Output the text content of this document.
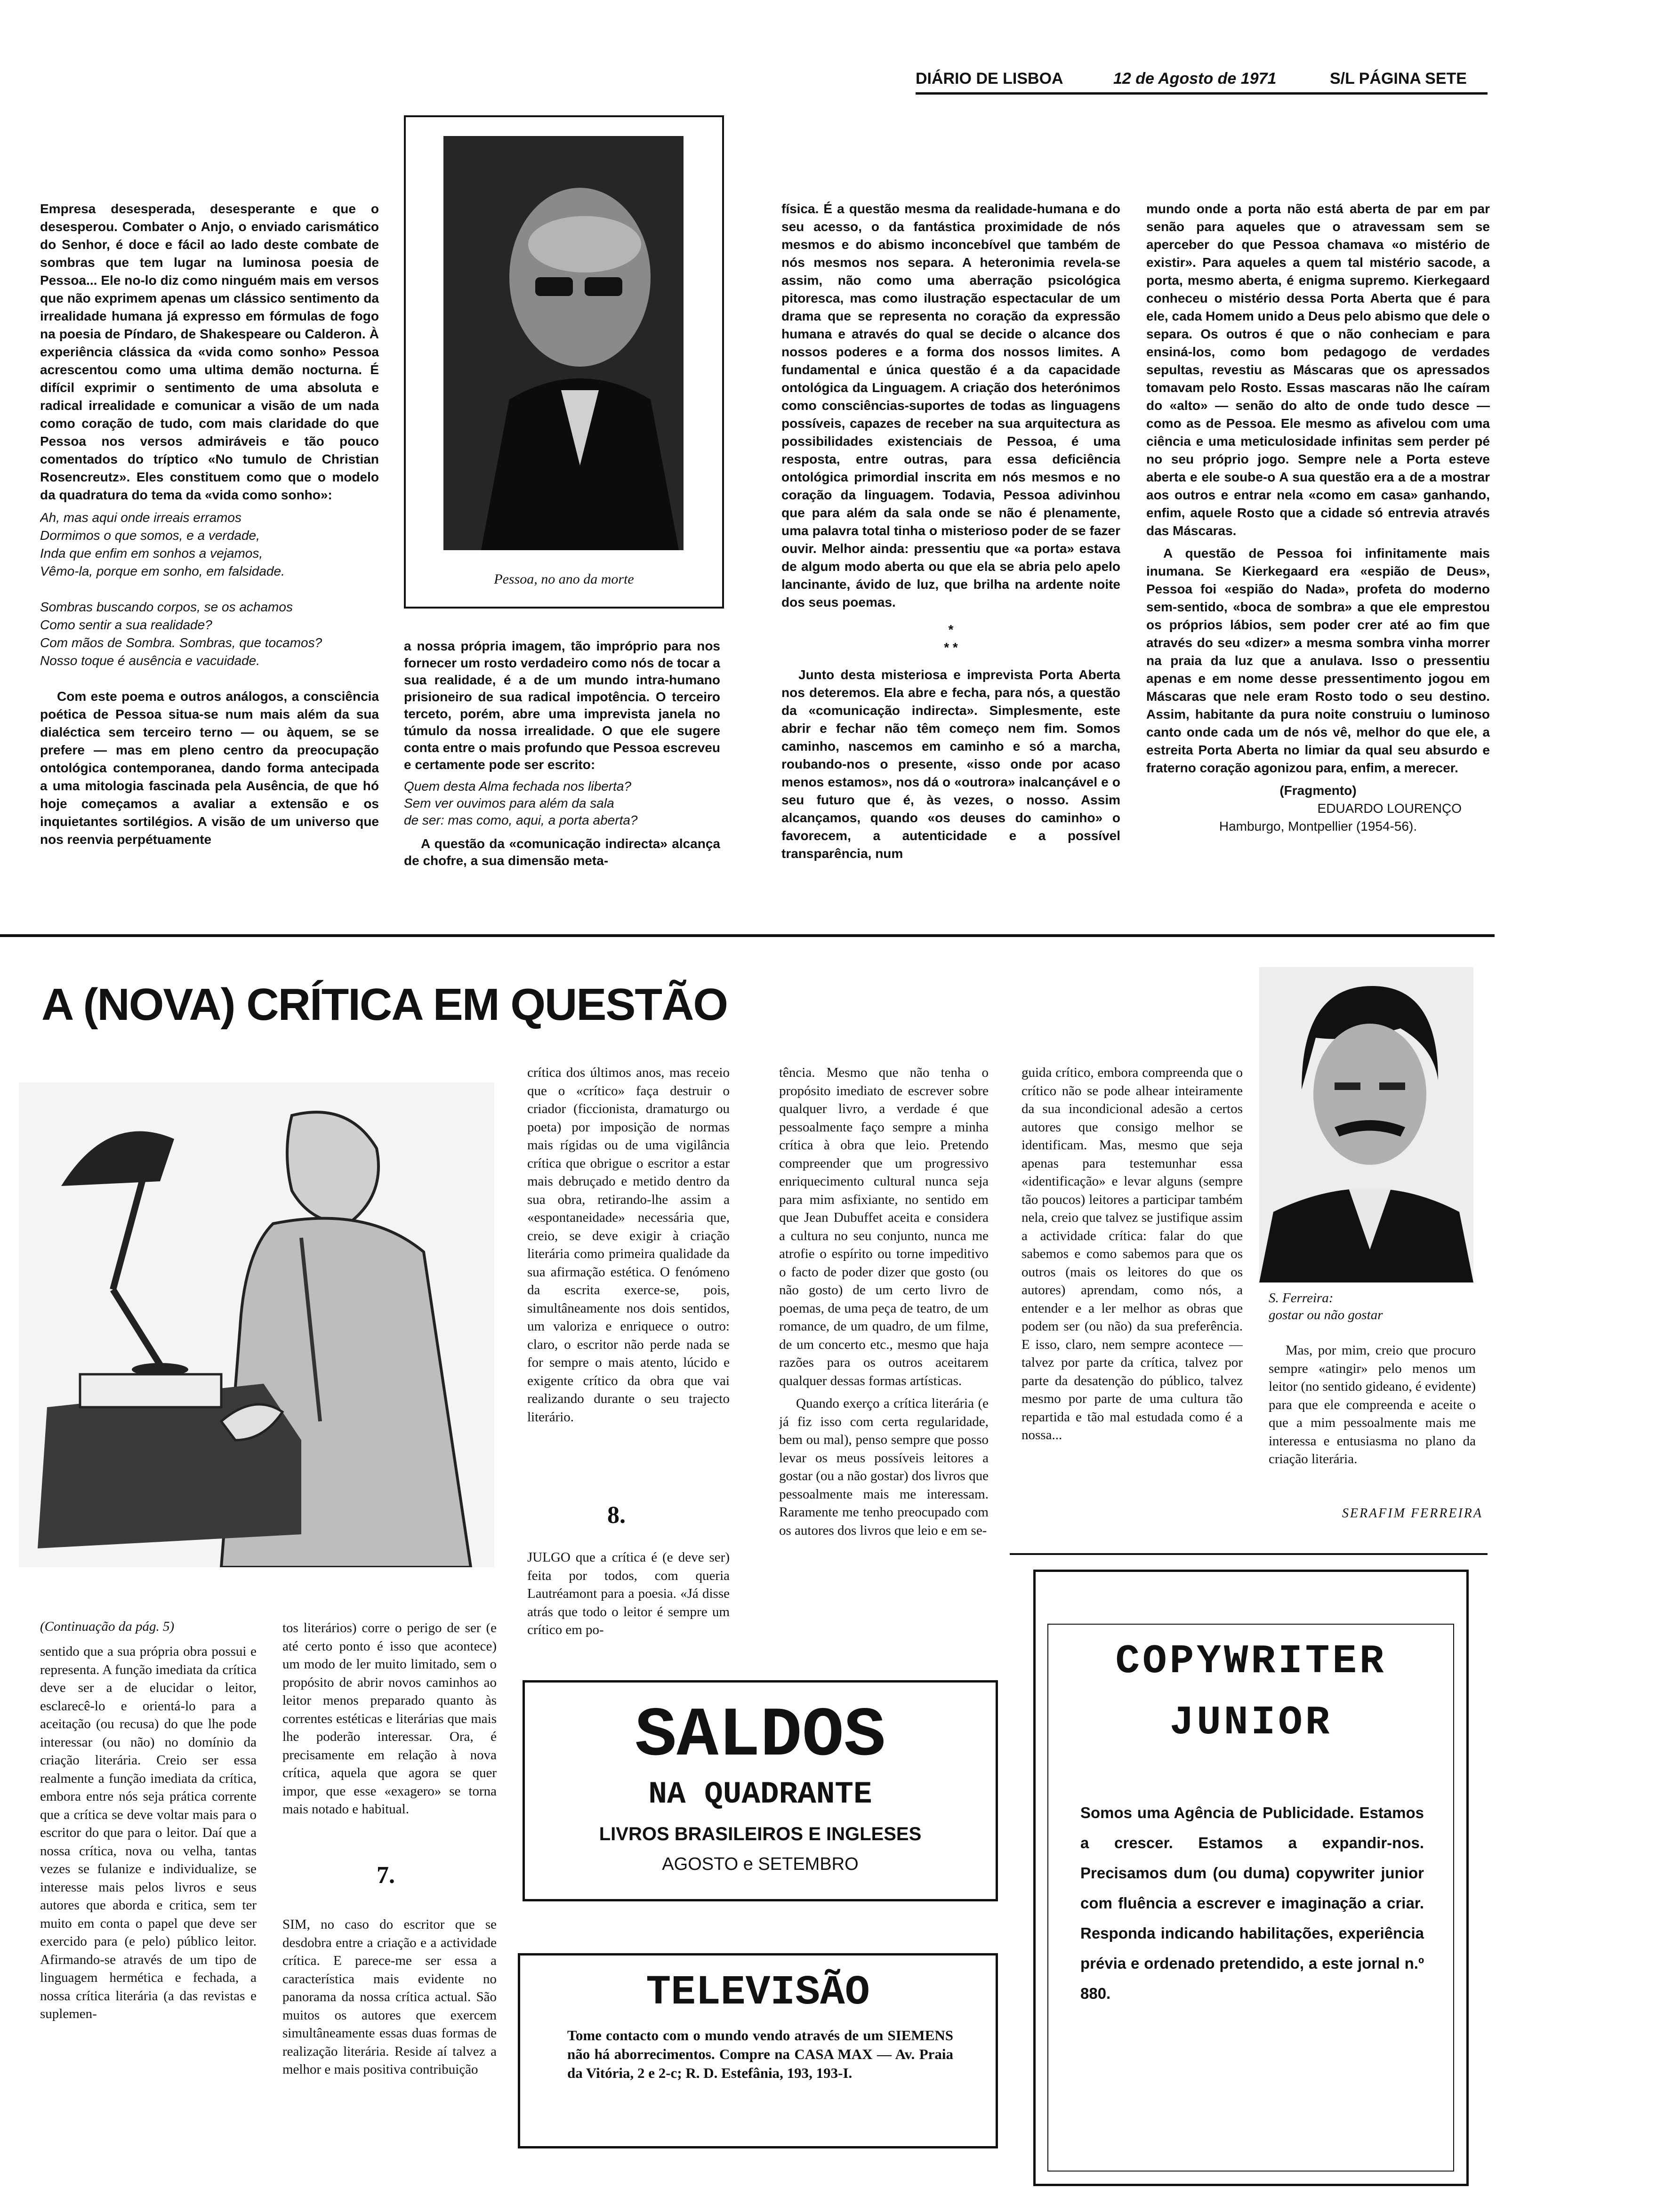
DIÁRIO DE LISBOA	12 de Agosto de 1971	S/L PÁGINA SETE

Empresa desesperada, desesperante e que o desesperou. Combater o Anjo, o enviado carismático do Senhor, é doce e fácil ao lado deste combate de sombras que tem lugar na luminosa poesia de Pessoa... Ele no-lo diz como ninguém mais em versos que não exprimem apenas um clássico sentimento da irrealidade humana já expresso em fórmulas de fogo na poesia de Píndaro, de Shakespeare ou Calderon. À experiência clássica da «vida como sonho» Pessoa acrescentou como uma ultima demão nocturna. É difícil exprimir o sentimento de uma absoluta e radical irrealidade e comunicar a visão de um nada como coração de tudo, com mais claridade do que Pessoa nos versos admiráveis e tão pouco comentados do tríptico «No tumulo de Christian Rosencreutz». Eles constituem como que o modelo da quadratura do tema da «vida como sonho»:

Ah, mas aqui onde irreais erramos
Dormimos o que somos, e a verdade,
Inda que enfim em sonhos a vejamos,
Vêmo-la, porque em sonho, em falsidade.

Sombras buscando corpos, se os achamos
Como sentir a sua realidade?
Com mãos de Sombra. Sombras, que tocamos?
Nosso toque é ausência e vacuidade.

Com este poema e outros análogos, a consciência poética de Pessoa situa-se num mais além da sua dialéctica sem terceiro terno — ou àquem, se se prefere — mas em pleno centro da preocupação ontológica contemporanea, dando forma antecipada a uma mitologia fascinada pela Ausência, de que hó hoje começamos a avaliar a extensão e os inquietantes sortilégios. A visão de um universo que nos reenvia perpétuamente

Pessoa, no ano da morte

a nossa própria imagem, tão impróprio para nos fornecer um rosto verdadeiro como nós de tocar a sua realidade, é a de um mundo intra-humano prisioneiro de sua radical impotência. O terceiro terceto, porém, abre uma imprevista janela no túmulo da nossa irrealidade. O que ele sugere conta entre o mais profundo que Pessoa escreveu e certamente pode ser escrito:

Quem desta Alma fechada nos liberta?
Sem ver ouvimos para além da sala
de ser: mas como, aqui, a porta aberta?

A questão da «comunicação indirecta» alcança de chofre, a sua dimensão meta-

física. É a questão mesma da realidade-humana e do seu acesso, o da fantástica proximidade de nós mesmos e do abismo inconcebível que também de nós mesmos nos separa. A heteronimia revela-se assim, não como uma aberração psicológica pitoresca, mas como ilustração espectacular de um drama que se representa no coração da expressão humana e através do qual se decide o alcance dos nossos poderes e a forma dos nossos limites. A fundamental e única questão é a da capacidade ontológica da Linguagem. A criação dos heterónimos como consciências-suportes de todas as linguagens possíveis, capazes de receber na sua arquitectura as possibilidades existenciais de Pessoa, é uma resposta, entre outras, para essa deficiência ontológica primordial inscrita em nós mesmos e no coração da linguagem. Todavia, Pessoa adivinhou que para além da sala onde se não é plenamente, uma palavra total tinha o misterioso poder de se fazer ouvir. Melhor ainda: pressentiu que «a porta» estava de algum modo aberta ou que ela se abria pelo apelo lancinante, ávido de luz, que brilha na ardente noite dos seus poemas.

*
* *

Junto desta misteriosa e imprevista Porta Aberta nos deteremos. Ela abre e fecha, para nós, a questão da «comunicação indirecta». Simplesmente, este abrir e fechar não têm começo nem fim. Somos caminho, nascemos em caminho e só a marcha, roubando-nos o presente, «isso onde por acaso menos estamos», nos dá o «outrora» inalcançável e o seu futuro que é, às vezes, o nosso. Assim alcançamos, quando «os deuses do caminho» o favorecem, a autenticidade e a possível transparência, num

mundo onde a porta não está aberta de par em par senão para aqueles que o atravessam sem se aperceber do que Pessoa chamava «o mistério de existir». Para aqueles a quem tal mistério sacode, a porta, mesmo aberta, é enigma supremo. Kierkegaard conheceu o mistério dessa Porta Aberta que é para ele, cada Homem unido a Deus pelo abismo que dele o separa. Os outros é que o não conheciam e para ensiná-los, como bom pedagogo de verdades sepultas, revestiu as Máscaras que os apressados tomavam pelo Rosto. Essas mascaras não lhe caíram do «alto» — senão do alto de onde tudo desce — como as de Pessoa. Ele mesmo as afivelou com uma ciência e uma meticulosidade infinitas sem perder pé no seu próprio jogo. Sempre nele a Porta esteve aberta e ele soube-o A sua questão era a de a mostrar aos outros e entrar nela «como em casa» ganhando, enfim, aquele Rosto que a cidade só entrevia através das Máscaras.

A questão de Pessoa foi infinitamente mais inumana. Se Kierkegaard era «espião de Deus», Pessoa foi «espião do Nada», profeta do moderno sem-sentido, «boca de sombra» a que ele emprestou os próprios lábios, sem poder crer até ao fim que através do seu «dizer» a mesma sombra vinha morrer na praia da luz que a anulava. Isso o pressentiu apenas e em nome desse pressentimento jogou em Máscaras que nele eram Rosto todo o seu destino. Assim, habitante da pura noite construiu o luminoso canto onde cada um de nós vê, melhor do que ele, a estreita Porta Aberta no limiar da qual seu absurdo e fraterno coração agonizou para, enfim, a merecer.

(Fragmento)

EDUARDO LOURENÇO

Hamburgo, Montpellier (1954-56).

A (NOVA) CRÍTICA EM QUESTÃO

crítica dos últimos anos, mas receio que o «crítico» faça destruir o criador (ficcionista, dramaturgo ou poeta) por imposição de normas mais rígidas ou de uma vigilância crítica que obrigue o escritor a estar mais debruçado e metido dentro da sua obra, retirando-lhe assim a «espontaneidade» necessária que, creio, se deve exigir à criação literária como primeira qualidade da sua afirmação estética. O fenómeno da escrita exerce-se, pois, simultâneamente nos dois sentidos, um valoriza e enriquece o outro: claro, o escritor não perde nada se for sempre o mais atento, lúcido e exigente crítico da obra que vai realizando durante o seu trajecto literário.

8.

JULGO que a crítica é (e deve ser) feita por todos, com queria Lautréamont para a poesia. «Já disse atrás que todo o leitor é sempre um crítico em po-

tência. Mesmo que não tenha o propósito imediato de escrever sobre qualquer livro, a verdade é que pessoalmente faço sempre a minha crítica à obra que leio. Pretendo compreender que um progressivo enriquecimento cultural nunca seja para mim asfixiante, no sentido em que Jean Dubuffet aceita e considera a cultura no seu conjunto, nunca me atrofie o espírito ou torne impeditivo o facto de poder dizer que gosto (ou não gosto) de um certo livro de poemas, de uma peça de teatro, de um romance, de um quadro, de um filme, de um concerto etc., mesmo que haja razões para os outros aceitarem qualquer dessas formas artísticas.

Quando exerço a crítica literária (e já fiz isso com certa regularidade, bem ou mal), penso sempre que posso levar os meus possíveis leitores a gostar (ou a não gostar) dos livros que pessoalmente mais me interessam. Raramente me tenho preocupado com os autores dos livros que leio e em se-

guida crítico, embora compreenda que o crítico não se pode alhear inteiramente da sua incondicional adesão a certos autores que consigo melhor se identificam. Mas, mesmo que seja apenas para testemunhar essa «identificação» e levar alguns (sempre tão poucos) leitores a participar também nela, creio que talvez se justifique assim a actividade crítica: falar do que sabemos e como sabemos para que os outros (mais os leitores do que os autores) aprendam, como nós, a entender e a ler melhor as obras que podem ser (ou não) da sua preferência. E isso, claro, nem sempre acontece — talvez por parte da crítica, talvez por parte da desatenção do público, talvez mesmo por parte de uma cultura tão repartida e tão mal estudada como é a nossa...

S. Ferreira:
gostar ou não gostar

Mas, por mim, creio que procuro sempre «atingir» pelo menos um leitor (no sentido gideano, é evidente) para que ele compreenda e aceite o que a mim pessoalmente mais me interessa e entusiasma no plano da criação literária.

SERAFIM FERREIRA
(Continuação da pág. 5)

sentido que a sua própria obra possui e representa. A função imediata da crítica deve ser a de elucidar o leitor, esclarecê-lo e orientá-lo para a aceitação (ou recusa) do que lhe pode interessar (ou não) no domínio da criação literária. Creio ser essa realmente a função imediata da crítica, embora entre nós seja prática corrente que a crítica se deve voltar mais para o escritor do que para o leitor. Daí que a nossa crítica, nova ou velha, tantas vezes se fulanize e individualize, se interesse mais pelos livros e seus autores que aborda e critica, sem ter muito em conta o papel que deve ser exercido para (e pelo) público leitor. Afirmando-se através de um tipo de linguagem hermética e fechada, a nossa crítica literária (a das revistas e suplemen-

tos literários) corre o perigo de ser (e até certo ponto é isso que acontece) um modo de ler muito limitado, sem o propósito de abrir novos caminhos ao leitor menos preparado quanto às correntes estéticas e literárias que mais lhe poderão interessar. Ora, é precisamente em relação à nova crítica, aquela que agora se quer impor, que esse «exagero» se torna mais notado e habitual.

7.

SIM, no caso do escritor que se desdobra entre a criação e a actividade crítica. E parece-me ser essa a característica mais evidente no panorama da nossa crítica actual. São muitos os autores que exercem simultâneamente essas duas formas de realização literária. Reside aí talvez a melhor e mais positiva contribuição

SALDOS
NA QUADRANTE
LIVROS BRASILEIROS E INGLESES
AGOSTO e SETEMBRO
TELEVISÃO
Tome contacto com o mundo vendo através de um SIEMENS não há aborrecimentos. Compre na CASA MAX — Av. Praia da Vitória, 2 e 2-c; R. D. Estefânia, 193, 193-I.
COPYWRITER
JUNIOR
Somos uma Agência de Publicidade. Estamos a crescer. Estamos a expandir-nos. Precisamos dum (ou duma) copywriter junior com fluência a escrever e imaginação a criar. Responda indicando habilitações, experiência prévia e ordenado pretendido, a este jornal n.º 880.
